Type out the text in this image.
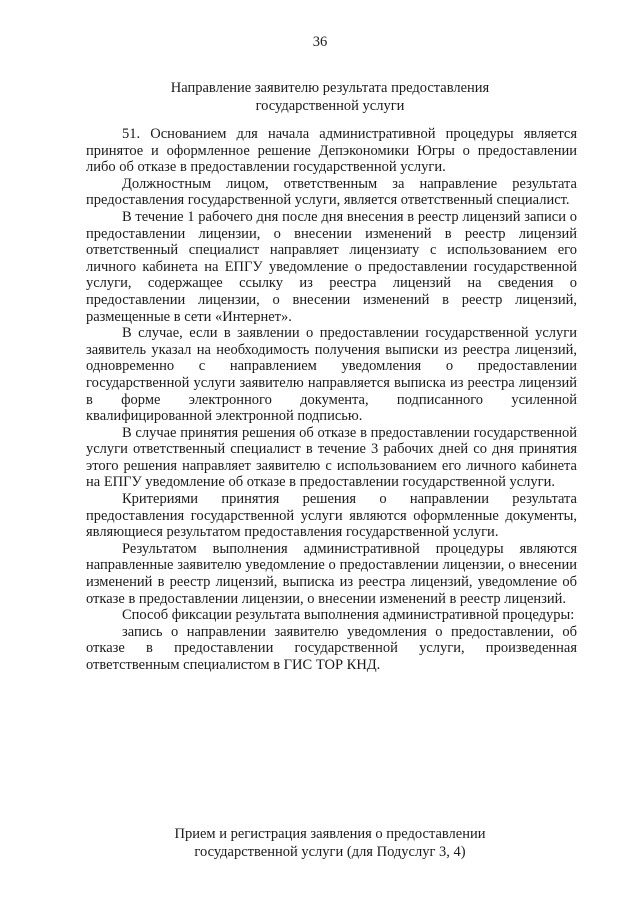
36
Направление заявителю результата предоставления
государственной услуги

51. Основанием для начала административной процедуры является принятое и оформленное решение Депэкономики Югры о предоставлении либо об отказе в предоставлении государственной услуги.

Должностным лицом, ответственным за направление результата предоставления государственной услуги, является ответственный специалист.

В течение 1 рабочего дня после дня внесения в реестр лицензий записи о предоставлении лицензии, о внесении изменений в реестр лицензий ответственный специалист направляет лицензиату с использованием его личного кабинета на ЕПГУ уведомление о предоставлении государственной услуги, содержащее ссылку из реестра лицензий на сведения о предоставлении лицензии, о внесении изменений в реестр лицензий, размещенные в сети «Интернет».

В случае, если в заявлении о предоставлении государственной услуги заявитель указал на необходимость получения выписки из реестра лицензий, одновременно с направлением уведомления о предоставлении государственной услуги заявителю направляется выписка из реестра лицензий в форме электронного документа, подписанного усиленной квалифицированной электронной подписью.

В случае принятия решения об отказе в предоставлении государственной услуги ответственный специалист в течение 3 рабочих дней со дня принятия этого решения направляет заявителю с использованием его личного кабинета на ЕПГУ уведомление об отказе в предоставлении государственной услуги.

Критериями принятия решения о направлении результата предоставления государственной услуги являются оформленные документы, являющиеся результатом предоставления государственной услуги.

Результатом выполнения административной процедуры являются направленные заявителю уведомление о предоставлении лицензии, о внесении изменений в реестр лицензий, выписка из реестра лицензий, уведомление об отказе в предоставлении лицензии, о внесении изменений в реестр лицензий.

Способ фиксации результата выполнения административной процедуры:

запись о направлении заявителю уведомления о предоставлении, об отказе в предоставлении государственной услуги, произведенная ответственным специалистом в ГИС ТОР КНД.

Прием и регистрация заявления о предоставлении
государственной услуги (для Подуслуг 3, 4)
